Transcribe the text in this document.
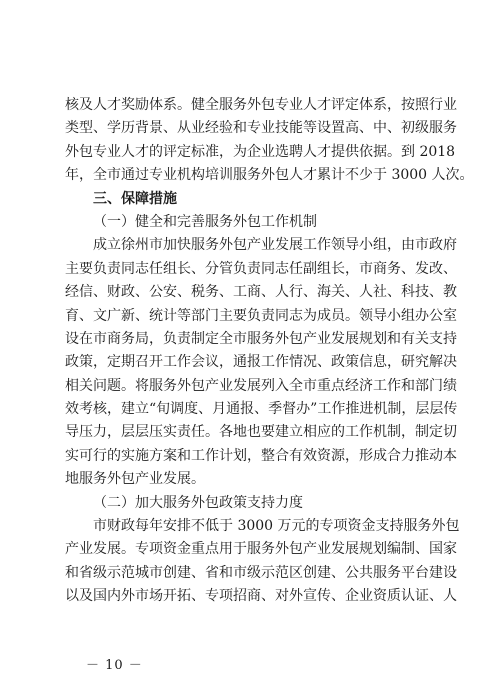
核及人才奖励体系。健全服务外包专业人才评定体系，按照行业
类型、学历背景、从业经验和专业技能等设置高、中、初级服务
外包专业人才的评定标准，为企业选聘人才提供依据。到 2018
年，全市通过专业机构培训服务外包人才累计不少于 3000 人次。
三、保障措施
（一）健全和完善服务外包工作机制
成立徐州市加快服务外包产业发展工作领导小组，由市政府
主要负责同志任组长、分管负责同志任副组长，市商务、发改、
经信、财政、公安、税务、工商、人行、海关、人社、科技、教
育、文广新、统计等部门主要负责同志为成员。领导小组办公室
设在市商务局，负责制定全市服务外包产业发展规划和有关支持
政策，定期召开工作会议，通报工作情况、政策信息，研究解决
相关问题。将服务外包产业发展列入全市重点经济工作和部门绩
效考核，建立“旬调度、月通报、季督办”工作推进机制，层层传
导压力，层层压实责任。各地也要建立相应的工作机制，制定切
实可行的实施方案和工作计划，整合有效资源，形成合力推动本
地服务外包产业发展。
（二）加大服务外包政策支持力度
市财政每年安排不低于 3000 万元的专项资金支持服务外包
产业发展。专项资金重点用于服务外包产业发展规划编制、国家
和省级示范城市创建、省和市级示范区创建、公共服务平台建设
以及国内外市场开拓、专项招商、对外宣传、企业资质认证、人
－ 10 －
